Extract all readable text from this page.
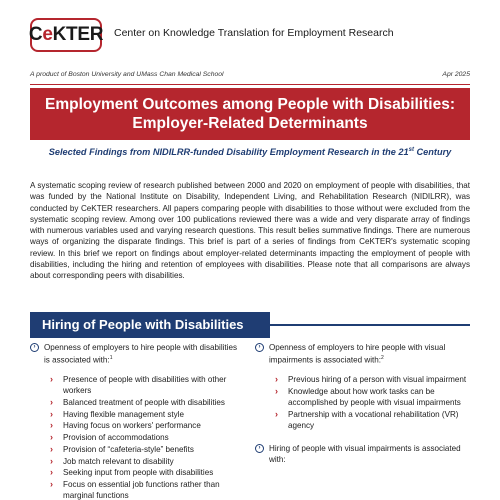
CeKTER Center on Knowledge Translation for Employment Research
A product of Boston University and UMass Chan Medical School	Apr 2025
Employment Outcomes among People with Disabilities:
Employer-Related Determinants
Selected Findings from NIDILRR-funded Disability Employment Research in the 21st Century

A systematic scoping review of research published between 2000 and 2020 on employment of people with disabilities, that was funded by the National Institute on Disability, Independent Living, and Rehabilitation Research (NIDILRR), was conducted by CeKTER researchers. All papers comparing people with disabilities to those without were excluded from the systematic scoping review. Among over 100 publications reviewed there was a wide and very disparate array of findings with numerous variables used and varying research questions. This result belies summative findings. There are numerous ways of organizing the disparate findings. This brief is part of a series of findings from CeKTER's systematic scoping review. In this brief we report on findings about employer-related determinants impacting the employment of people with disabilities, including the hiring and retention of employees with disabilities. Please note that all comparisons are always about corresponding peers with disabilities.

Hiring of People with Disabilities
›	Openness of employers to hire people with disabilities is associated with:$^1$
› Presence of people with disabilities with other workers
› Balanced treatment of people with disabilities
› Having flexible management style
› Having focus on workers' performance
› Provision of accommodations
› Provision of “cafeteria-style” benefits
› Job match relevant to disability
› Seeking input from people with disabilities
› Focus on essential job functions rather than marginal functions
›	Openness of employers to hire people with visual impairments is associated with:$^2$
› Previous hiring of a person with visual impairment
› Knowledge about how work tasks can be accomplished by people with visual impairments
› Partnership with a vocational rehabilitation (VR) agency
›	Hiring of people with visual impairments is associated with:
